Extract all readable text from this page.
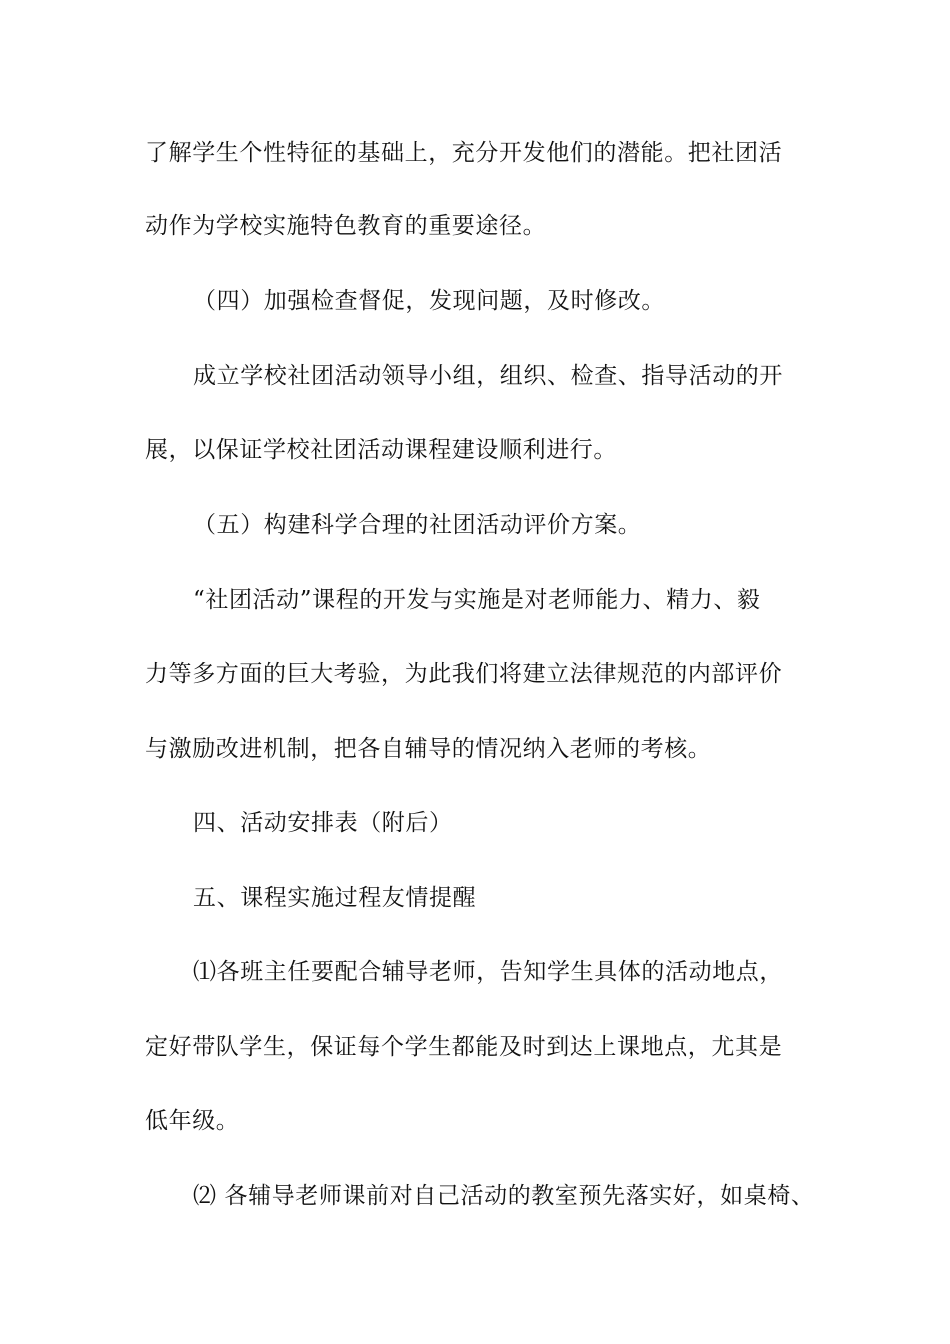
了解学生个性特征的基础上，充分开发他们的潜能。把社团活
动作为学校实施特色教育的重要途径。
（四）加强检查督促，发现问题，及时修改。
成立学校社团活动领导小组，组织、检查、指导活动的开
展，以保证学校社团活动课程建设顺利进行。
（五）构建科学合理的社团活动评价方案。
“社团活动”课程的开发与实施是对老师能力、精力、毅
力等多方面的巨大考验，为此我们将建立法律规范的内部评价
与激励改进机制，把各自辅导的情况纳入老师的考核。
四、活动安排表（附后）
五、课程实施过程友情提醒
⑴各班主任要配合辅导老师，告知学生具体的活动地点，
定好带队学生，保证每个学生都能及时到达上课地点，尤其是
低年级。
⑵ 各辅导老师课前对自己活动的教室预先落实好，如桌椅、
